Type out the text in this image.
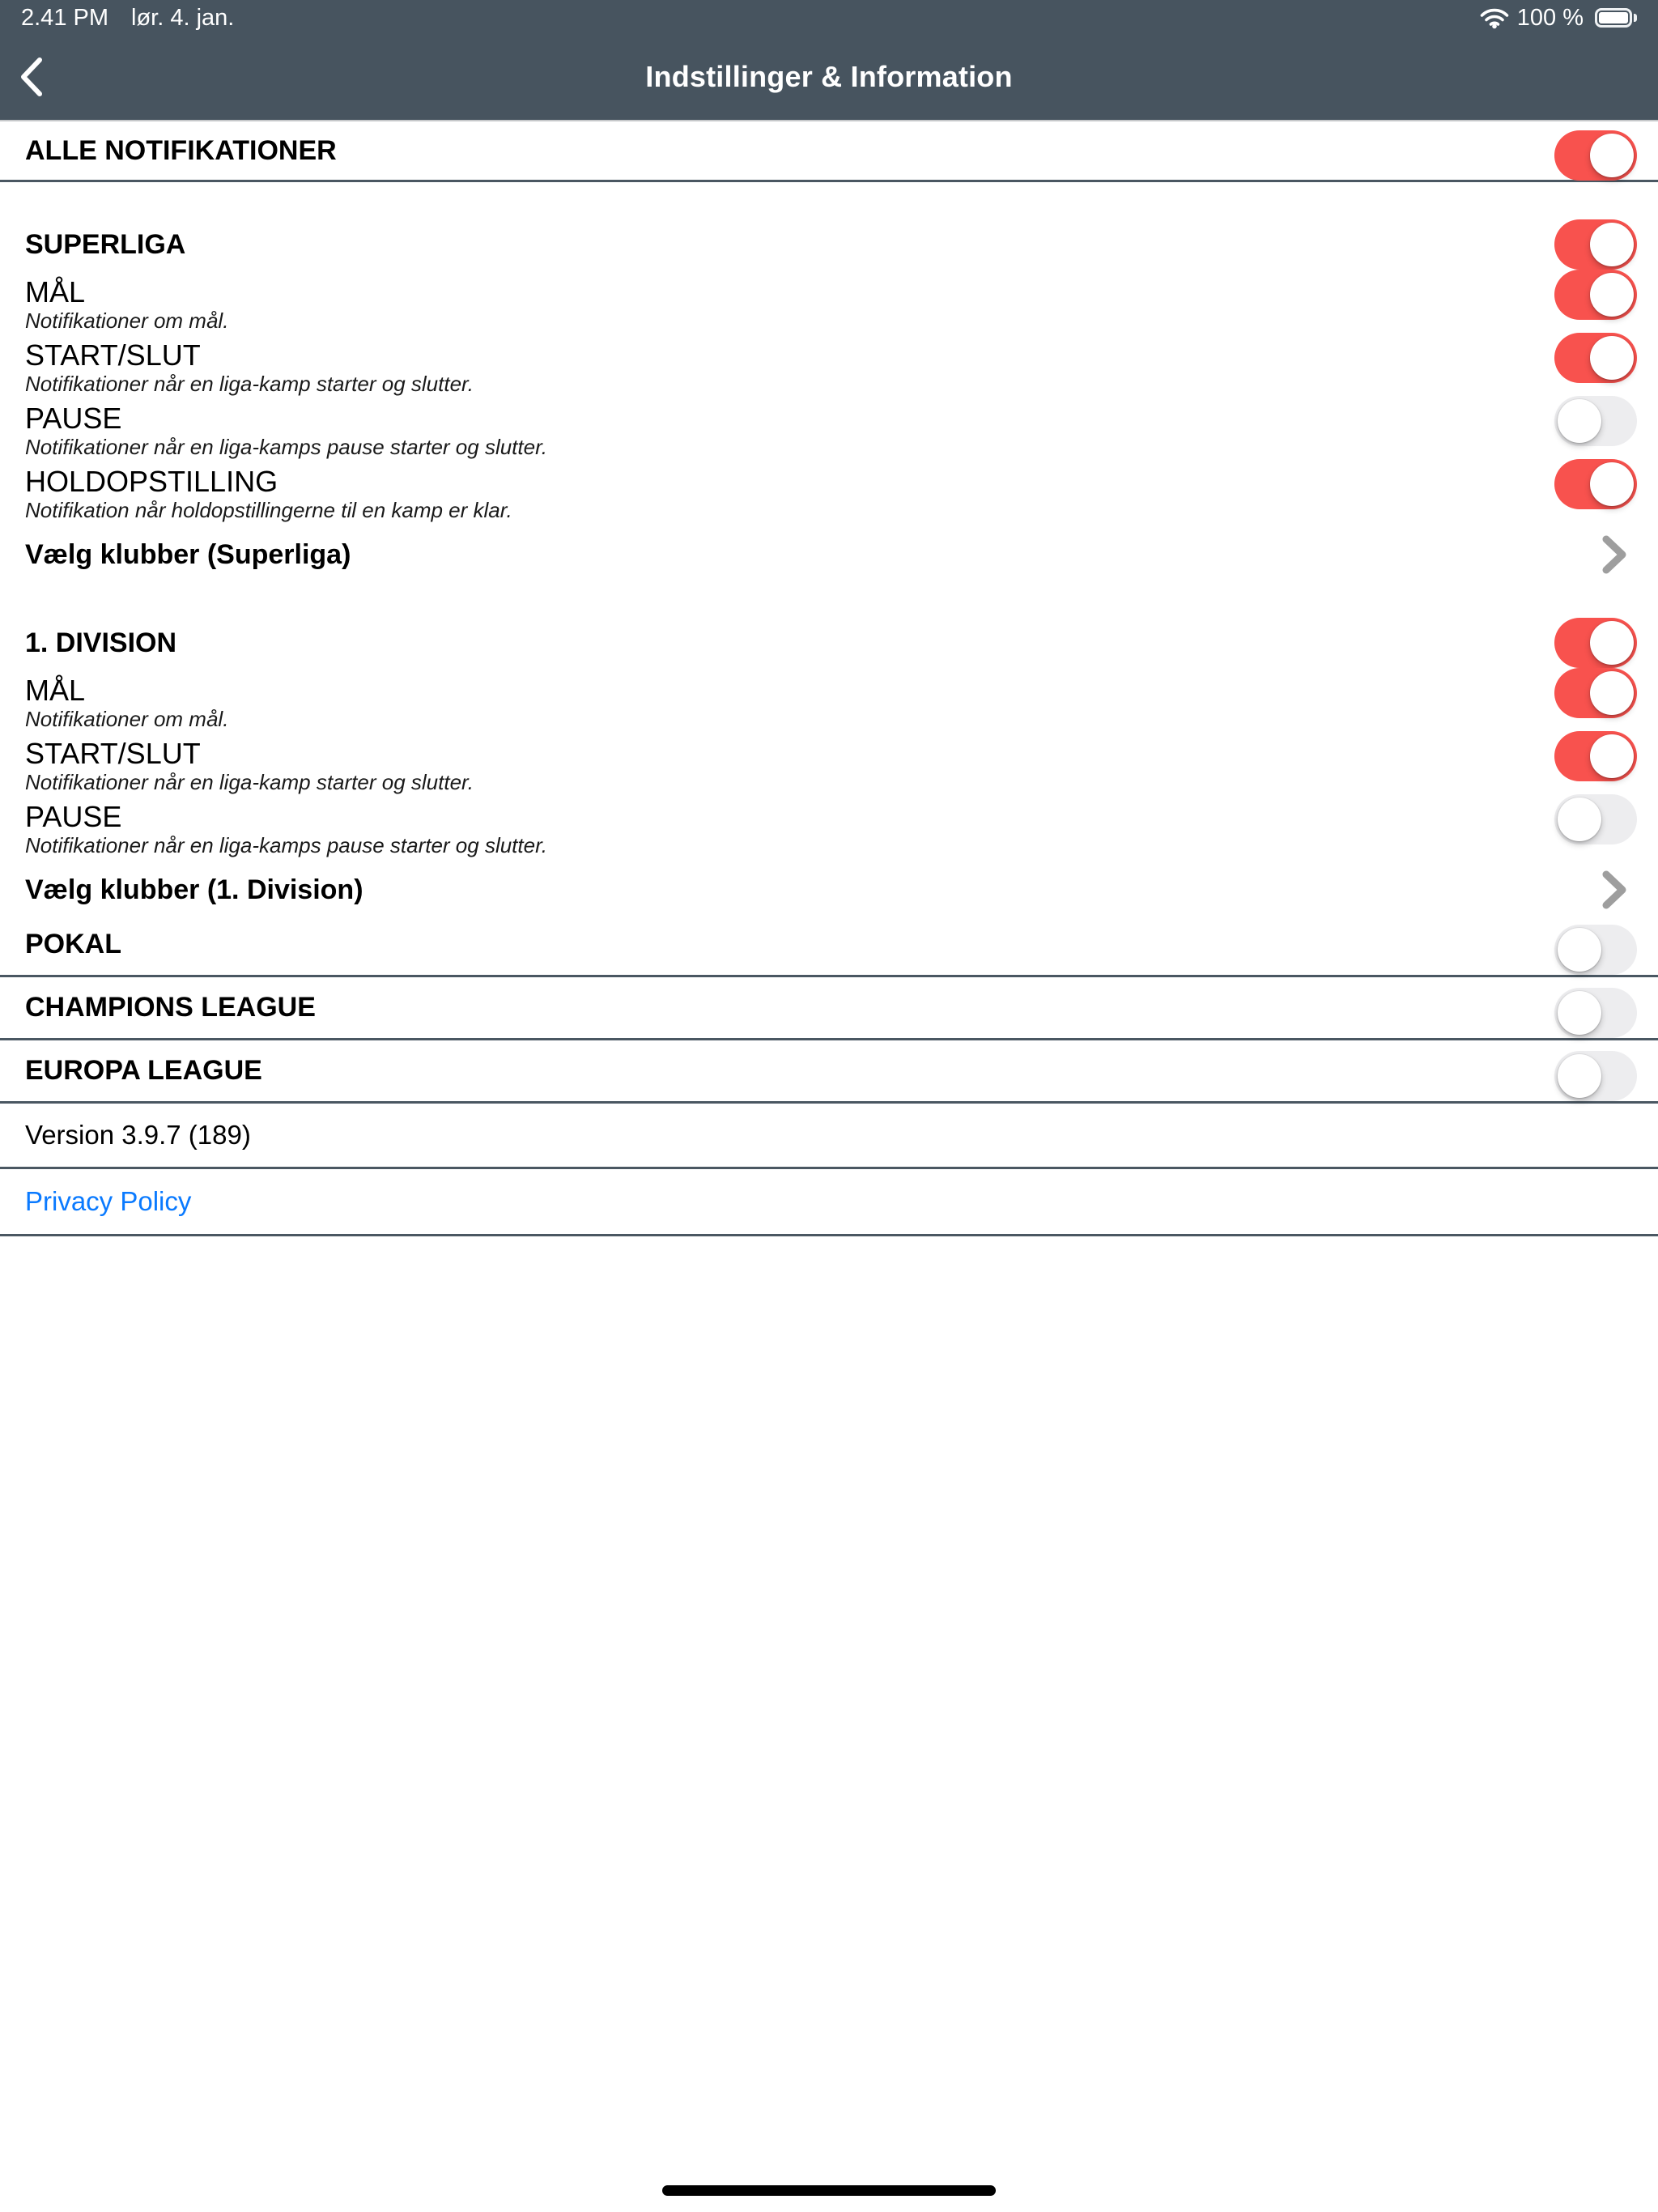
2.41 PM lør. 4. jan.	100 %
Indstillinger & Information
ALLE NOTIFIKATIONER
SUPERLIGA
MÅL
Notifikationer om mål.
START/SLUT
Notifikationer når en liga-kamp starter og slutter.
PAUSE
Notifikationer når en liga-kamps pause starter og slutter.
HOLDOPSTILLING
Notifikation når holdopstillingerne til en kamp er klar.
Vælg klubber (Superliga)
1. DIVISION
MÅL
Notifikationer om mål.
START/SLUT
Notifikationer når en liga-kamp starter og slutter.
PAUSE
Notifikationer når en liga-kamps pause starter og slutter.
Vælg klubber (1. Division)
POKAL
CHAMPIONS LEAGUE
EUROPA LEAGUE
Version 3.9.7 (189)
Privacy Policy
